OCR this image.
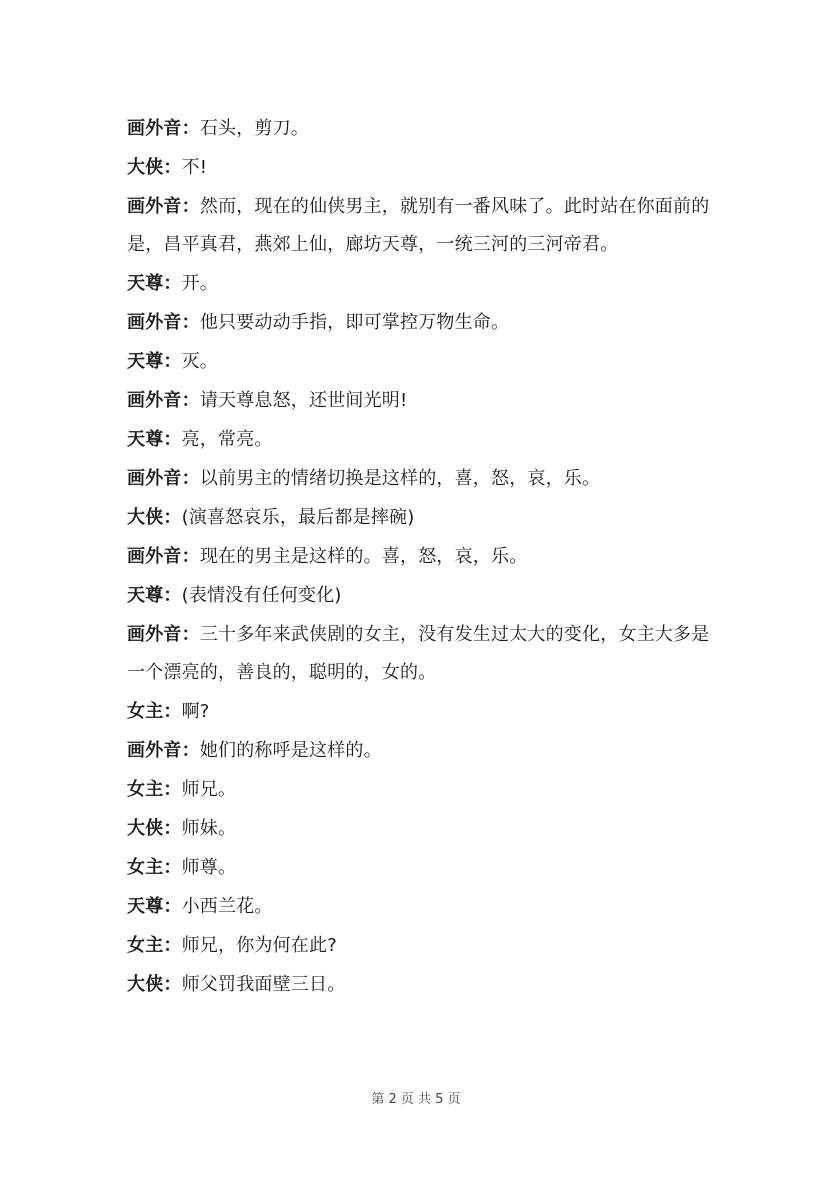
画外音：石头，剪刀。
大侠：不!
画外音：然而，现在的仙侠男主，就别有一番风味了。此时站在你面前的是，昌平真君，燕郊上仙，廊坊天尊，一统三河的三河帝君。
天尊：开。
画外音：他只要动动手指，即可掌控万物生命。
天尊：灭。
画外音：请天尊息怒，还世间光明!
天尊：亮，常亮。
画外音：以前男主的情绪切换是这样的，喜，怒，哀，乐。
大侠：(演喜怒哀乐，最后都是摔碗)
画外音：现在的男主是这样的。喜，怒，哀，乐。
天尊：(表情没有任何变化)
画外音：三十多年来武侠剧的女主，没有发生过太大的变化，女主大多是一个漂亮的，善良的，聪明的，女的。
女主：啊?
画外音：她们的称呼是这样的。
女主：师兄。
大侠：师妹。
女主：师尊。
天尊：小西兰花。
女主：师兄，你为何在此?
大侠：师父罚我面壁三日。
第 2 页 共 5 页
